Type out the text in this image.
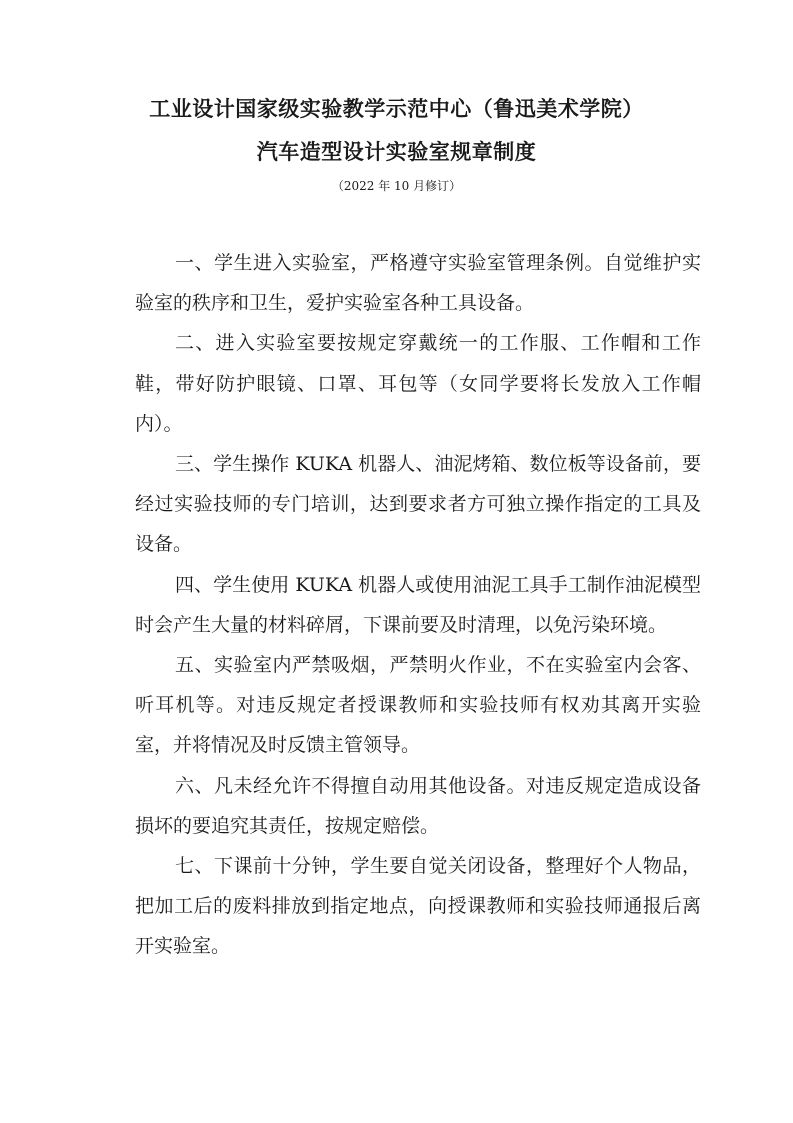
工业设计国家级实验教学示范中心（鲁迅美术学院）
汽车造型设计实验室规章制度
（2022 年 10 月修订）

一、学生进入实验室，严格遵守实验室管理条例。自觉维护实验室的秩序和卫生，爱护实验室各种工具设备。

二、进入实验室要按规定穿戴统一的工作服、工作帽和工作鞋，带好防护眼镜、口罩、耳包等（女同学要将长发放入工作帽内）。

三、学生操作 KUKA 机器人、油泥烤箱、数位板等设备前，要经过实验技师的专门培训，达到要求者方可独立操作指定的工具及设备。

四、学生使用 KUKA 机器人或使用油泥工具手工制作油泥模型时会产生大量的材料碎屑，下课前要及时清理，以免污染环境。

五、实验室内严禁吸烟，严禁明火作业，不在实验室内会客、听耳机等。对违反规定者授课教师和实验技师有权劝其离开实验室，并将情况及时反馈主管领导。

六、凡未经允许不得擅自动用其他设备。对违反规定造成设备损坏的要追究其责任，按规定赔偿。

七、下课前十分钟，学生要自觉关闭设备，整理好个人物品，把加工后的废料排放到指定地点，向授课教师和实验技师通报后离开实验室。
